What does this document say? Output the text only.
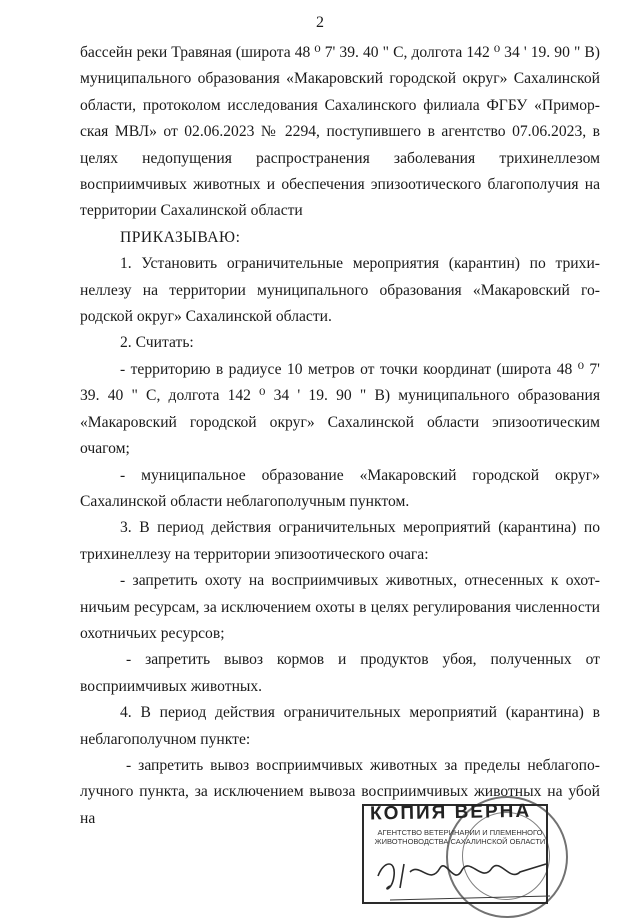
2

бассейн реки Травяная (широта 48 ⁰ 7' 39. 40 " С, долгота 142 ⁰ 34 ' 19. 90 " В) муниципального образования «Макаровский городской округ» Сахалинской области, протоколом исследования Сахалинского филиала ФГБУ «Примор-ская МВЛ» от 02.06.2023 № 2294, поступившего в агентство 07.06.2023, в целях недопущения распространения заболевания трихинеллезом восприимчивых животных и обеспечения эпизоотического благополучия на территории Сахалинской области

ПРИКАЗЫВАЮ:

1. Установить ограничительные мероприятия (карантин) по трихи-неллезу на территории муниципального образования «Макаровский го-родской округ» Сахалинской области.

2. Считать:

- территорию в радиусе 10 метров от точки координат (широта 48 ⁰ 7' 39. 40 " С, долгота 142 ⁰ 34 ' 19. 90 " В) муниципального образования «Макаровский городской округ» Сахалинской области эпизоотическим очагом;

- муниципальное образование «Макаровский городской округ» Сахалинской области неблагополучным пунктом.

3. В период действия ограничительных мероприятий (карантина) по трихинеллезу на территории эпизоотического очага:

- запретить охоту на восприимчивых животных, отнесенных к охот-ничьим ресурсам, за исключением охоты в целях регулирования численности охотничьих ресурсов;

- запретить вывоз кормов и продуктов убоя, полученных от восприимчивых животных.

4. В период действия ограничительных мероприятий (карантина) в неблагополучном пункте:

- запретить вывоз восприимчивых животных за пределы неблагопо-лучного пункта, за исключением вывоза восприимчивых животных на убой на	КОПИЯ ВЕРНА
АГЕНТСТВО ВЕТЕРИНАРИИ И ПЛЕМЕННОГО ЖИВОТНОВОДСТВА САХАЛИНСКОЙ ОБЛАСТИ
